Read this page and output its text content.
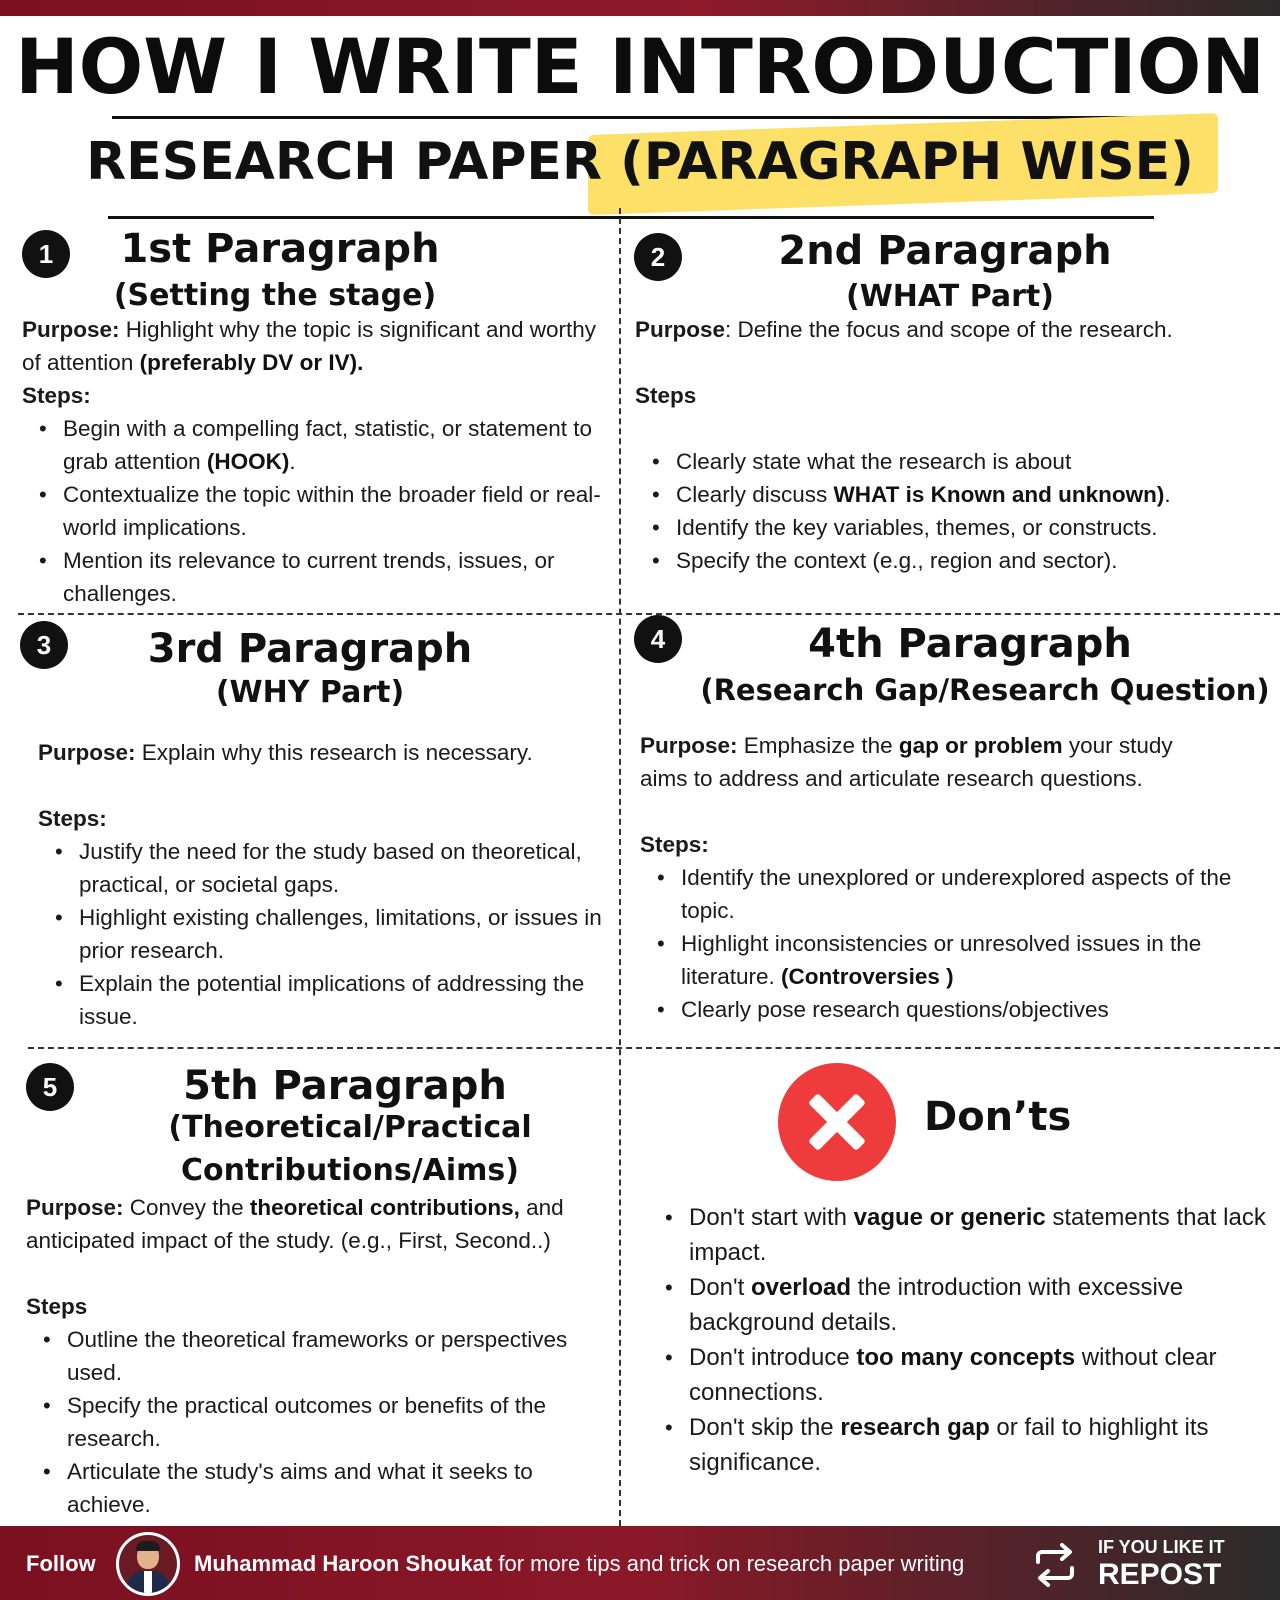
HOW I WRITE INTRODUCTION
RESEARCH PAPER (PARAGRAPH WISE)
1	1st Paragraph
(Setting the stage)
Purpose: Highlight why the topic is significant and worthy of attention (preferably DV or IV).
Steps:
• Begin with a compelling fact, statistic, or statement to grab attention (HOOK).
• Contextualize the topic within the broader field or real-world implications.
• Mention its relevance to current trends, issues, or challenges.
2	2nd Paragraph
(WHAT Part)
Purpose: Define the focus and scope of the research.
Steps
• Clearly state what the research is about
• Clearly discuss WHAT is Known and unknown).
• Identify the key variables, themes, or constructs.
• Specify the context (e.g., region and sector).
3	3rd Paragraph
(WHY Part)
Purpose: Explain why this research is necessary.
Steps:
• Justify the need for the study based on theoretical, practical, or societal gaps.
• Highlight existing challenges, limitations, or issues in prior research.
• Explain the potential implications of addressing the issue.
4	4th Paragraph
(Research Gap/Research Question)
Purpose: Emphasize the gap or problem your study aims to address and articulate research questions.
Steps:
• Identify the unexplored or underexplored aspects of the topic.
• Highlight inconsistencies or unresolved issues in the literature. (Controversies )
• Clearly pose research questions/objectives
5	5th Paragraph
(Theoretical/Practical
Contributions/Aims)
Purpose: Convey the theoretical contributions, and anticipated impact of the study. (e.g., First, Second..)
Steps
• Outline the theoretical frameworks or perspectives used.
• Specify the practical outcomes or benefits of the research.
• Articulate the study's aims and what it seeks to achieve.
Don’ts
• Don't start with vague or generic statements that lack impact.
• Don't overload the introduction with excessive background details.
• Don't introduce too many concepts without clear connections.
• Don't skip the research gap or fail to highlight its significance.
Follow	Muhammad Haroon Shoukat for more tips and trick on research paper writing
IF YOU LIKE IT
REPOST
